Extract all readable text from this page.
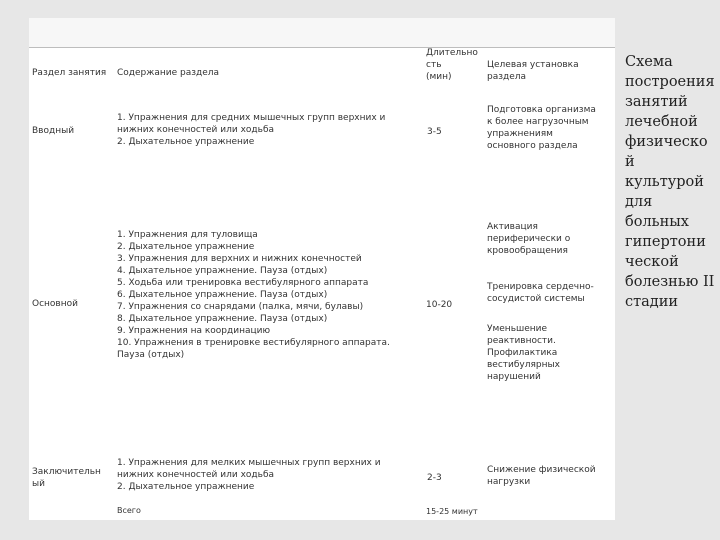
Раздел занятия Содержание раздела
Длительно
сть
(мин)
Целевая установка
раздела
Вводный
1. Упражнения для средних мышечных групп верхних и
нижних конечностей или ходьба
2. Дыхательное упражнение
3-5
Подготовка организма
к более нагрузочным
упражнениям
основного раздела
Основной
1. Упражнения для туловища
2. Дыхательное упражнение
3. Упражнения для верхних и нижних конечностей
4. Дыхательное упражнение. Пауза (отдых)
5. Ходьба или тренировка вестибулярного аппарата
6. Дыхательное упражнение. Пауза (отдых)
7. Упражнения со снарядами (палка, мячи, булавы)
8. Дыхательное упражнение. Пауза (отдых)
9. Упражнения на координацию
10. Упражнения в тренировке вестибулярного аппарата.
Пауза (отдых)
10-20
Активация
периферически о
кровообращения
Тренировка сердечно-
сосудистой системы
Уменьшение
реактивности.
Профилактика
вестибулярных
нарушений
Заключительн
ый
1. Упражнения для мелких мышечных групп верхних и
нижних конечностей или ходьба
2. Дыхательное упражнение
2-3
Снижение физической
нагрузки
Всего	15-25 минут
Схема
построения
занятий
лечебной
физическо
й
культурой
для
больных
гипертони
ческой
болезнью II
стадии
